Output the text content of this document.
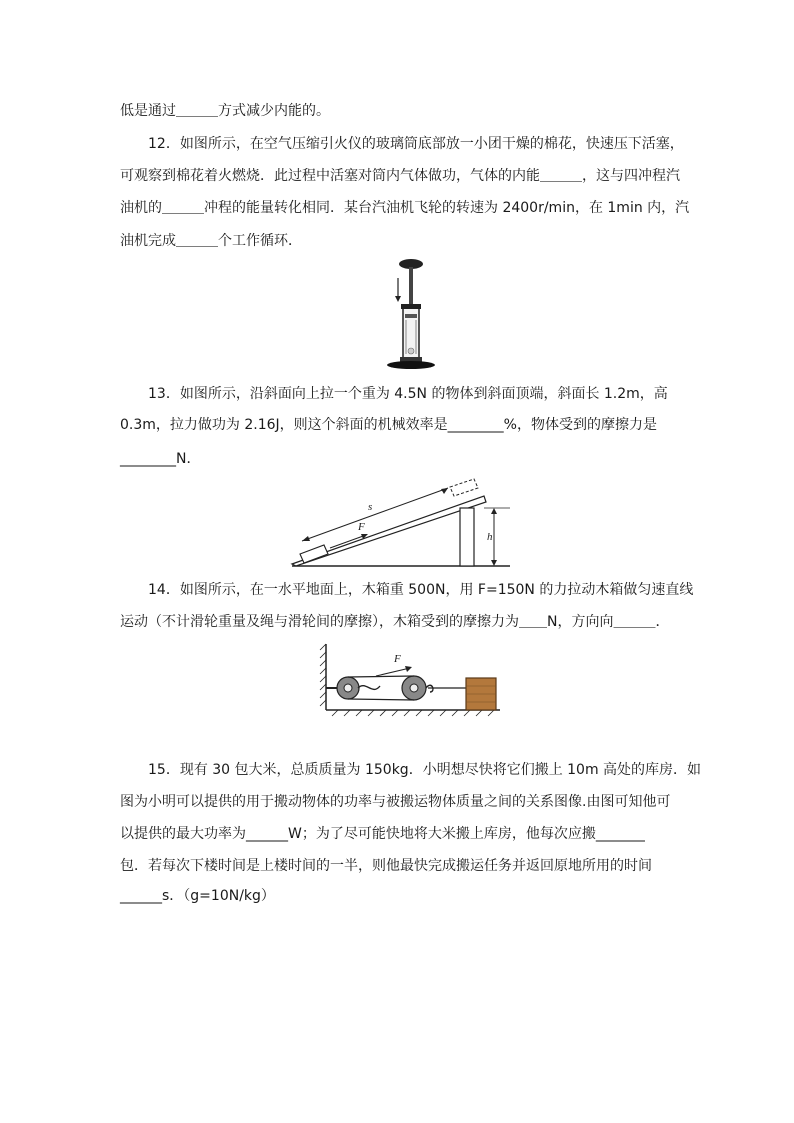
低是通过＿＿＿方式减少内能的。
12．如图所示，在空气压缩引火仪的玻璃筒底部放一小团干燥的棉花，快速压下活塞，
可观察到棉花着火燃烧．此过程中活塞对筒内气体做功，气体的内能＿＿＿，这与四冲程汽
油机的＿＿＿冲程的能量转化相同．某台汽油机飞轮的转速为 2400r/min，在 1min 内，汽
油机完成＿＿＿个工作循环．
13．如图所示，沿斜面向上拉一个重为 4.5N 的物体到斜面顶端，斜面长 1.2m，高
0.3m，拉力做功为 2.16J，则这个斜面的机械效率是________%，物体受到的摩擦力是
________N．
s
F
h
14．如图所示，在一水平地面上，木箱重 500N，用 F=150N 的力拉动木箱做匀速直线
运动（不计滑轮重量及绳与滑轮间的摩擦），木箱受到的摩擦力为＿＿N，方向向＿＿＿．
F
15．现有 30 包大米，总质质量为 150kg．小明想尽快将它们搬上 10m 高处的库房．如
图为小明可以提供的用于搬动物体的功率与被搬运物体质量之间的关系图像.由图可知他可
以提供的最大功率为______W；为了尽可能快地将大米搬上库房，他每次应搬_______
包．若每次下楼时间是上楼时间的一半，则他最快完成搬运任务并返回原地所用的时间
______s．（g=10N/kg）
